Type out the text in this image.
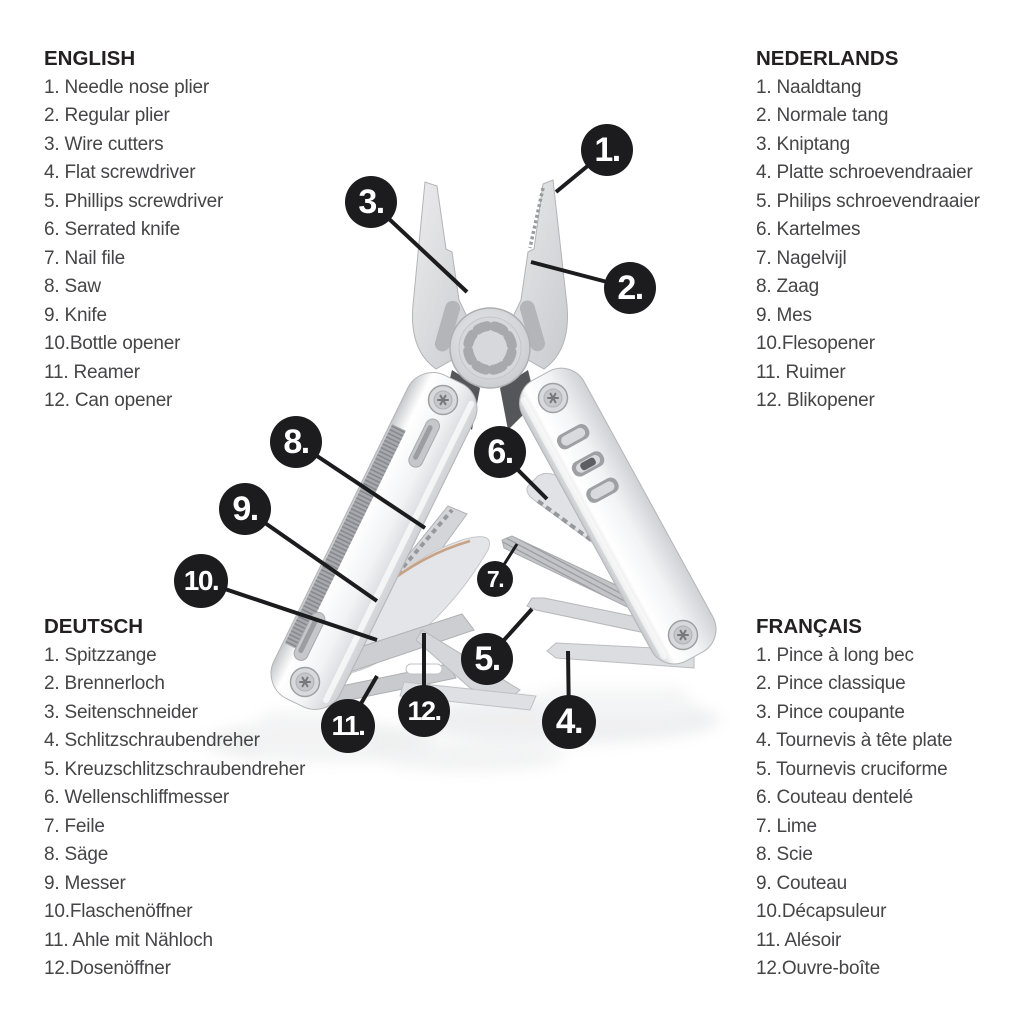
1.
2.
3.
4.
5.
6.
7.
8.
9.
10.
11.	12.
ENGLISH
1. Needle nose plier
2. Regular plier
3. Wire cutters
4. Flat screwdriver
5. Phillips screwdriver
6. Serrated knife
7. Nail file
8. Saw
9. Knife
10.Bottle opener
11. Reamer
12. Can opener
NEDERLANDS
1. Naaldtang
2. Normale tang
3. Kniptang
4. Platte schroevendraaier
5. Philips schroevendraaier
6. Kartelmes
7. Nagelvijl
8. Zaag
9. Mes
10.Flesopener
11. Ruimer
12. Blikopener
DEUTSCH
1. Spitzzange
2. Brennerloch
3. Seitenschneider
4. Schlitzschraubendreher
5. Kreuzschlitzschraubendreher
6. Wellenschliffmesser
7. Feile
8. Säge
9. Messer
10.Flaschenöffner
11. Ahle mit Nähloch
12.Dosenöffner
FRANÇAIS
1. Pince à long bec
2. Pince classique
3. Pince coupante
4. Tournevis à tête plate
5. Tournevis cruciforme
6. Couteau dentelé
7. Lime
8. Scie
9. Couteau
10.Décapsuleur
11. Alésoir
12.Ouvre-boîte
